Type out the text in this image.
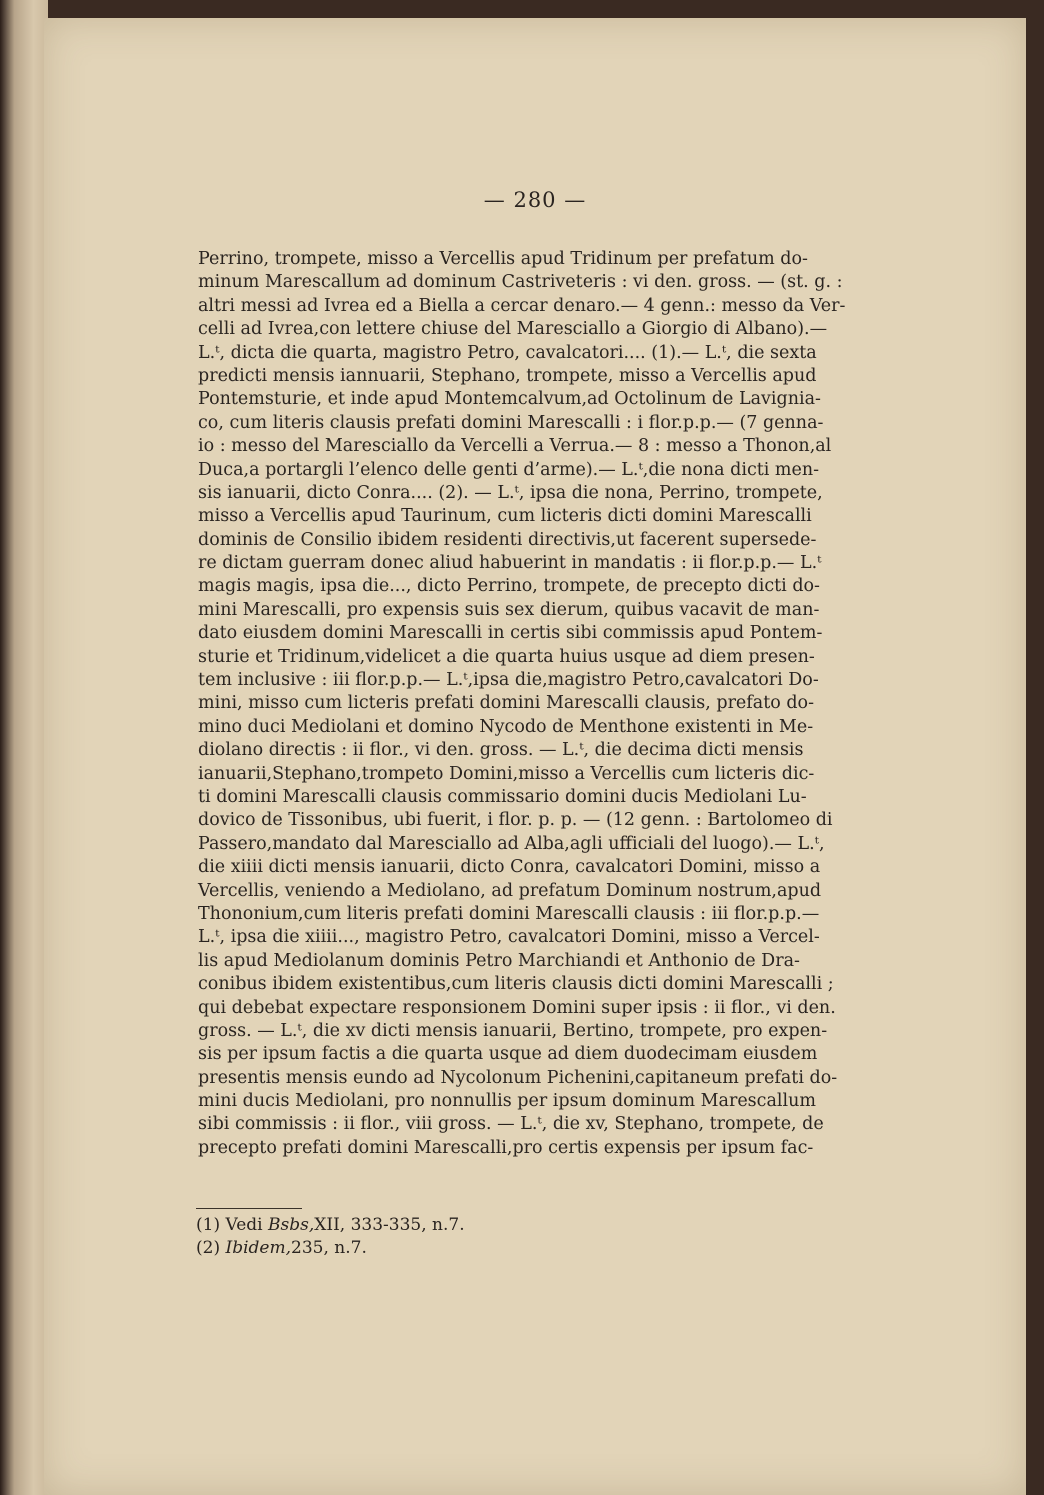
— 280 —
Perrino, trompete, misso a Vercellis apud Tridinum per prefatum do-
minum Marescallum ad dominum Castriveteris : vi den. gross. — (st. g. :
altri messi ad Ivrea ed a Biella a cercar denaro.— 4 genn.: messo da Ver-
celli ad Ivrea,con lettere chiuse del Maresciallo a Giorgio di Albano).—
L.ᵗ, dicta die quarta, magistro Petro, cavalcatori.... (1).— L.ᵗ, die sexta
predicti mensis iannuarii, Stephano, trompete, misso a Vercellis apud
Pontemsturie, et inde apud Montemcalvum,ad Octolinum de Lavignia-
co, cum literis clausis prefati domini Marescalli : i flor.p.p.— (7 genna-
io : messo del Maresciallo da Vercelli a Verrua.— 8 : messo a Thonon,al
Duca,a portargli l’elenco delle genti d’arme).— L.ᵗ,die nona dicti men-
sis ianuarii, dicto Conra.... (2). — L.ᵗ, ipsa die nona, Perrino, trompete,
misso a Vercellis apud Taurinum, cum licteris dicti domini Marescalli
dominis de Consilio ibidem residenti directivis,ut facerent supersede-
re dictam guerram donec aliud habuerint in mandatis : ii flor.p.p.— L.ᵗ
magis magis, ipsa die..., dicto Perrino, trompete, de precepto dicti do-
mini Marescalli, pro expensis suis sex dierum, quibus vacavit de man-
dato eiusdem domini Marescalli in certis sibi commissis apud Pontem-
sturie et Tridinum,videlicet a die quarta huius usque ad diem presen-
tem inclusive : iii flor.p.p.— L.ᵗ,ipsa die,magistro Petro,cavalcatori Do-
mini, misso cum licteris prefati domini Marescalli clausis, prefato do-
mino duci Mediolani et domino Nycodo de Menthone existenti in Me-
diolano directis : ii flor., vi den. gross. — L.ᵗ, die decima dicti mensis
ianuarii,Stephano,trompeto Domini,misso a Vercellis cum licteris dic-
ti domini Marescalli clausis commissario domini ducis Mediolani Lu-
dovico de Tissonibus, ubi fuerit, i flor. p. p. — (12 genn. : Bartolomeo di
Passero,mandato dal Maresciallo ad Alba,agli ufficiali del luogo).— L.ᵗ,
die xiiii dicti mensis ianuarii, dicto Conra, cavalcatori Domini, misso a
Vercellis, veniendo a Mediolano, ad prefatum Dominum nostrum,apud
Thononium,cum literis prefati domini Marescalli clausis : iii flor.p.p.—
L.ᵗ, ipsa die xiiii..., magistro Petro, cavalcatori Domini, misso a Vercel-
lis apud Mediolanum dominis Petro Marchiandi et Anthonio de Dra-
conibus ibidem existentibus,cum literis clausis dicti domini Marescalli ;
qui debebat expectare responsionem Domini super ipsis : ii flor., vi den.
gross. — L.ᵗ, die xv dicti mensis ianuarii, Bertino, trompete, pro expen-
sis per ipsum factis a die quarta usque ad diem duodecimam eiusdem
presentis mensis eundo ad Nycolonum Pichenini,capitaneum prefati do-
mini ducis Mediolani, pro nonnullis per ipsum dominum Marescallum
sibi commissis : ii flor., viii gross. — L.ᵗ, die xv, Stephano, trompete, de
precepto prefati domini Marescalli,pro certis expensis per ipsum fac-
(1) Vedi Bsbs,XII, 333-335, n.7.
(2) Ibidem,235, n.7.
